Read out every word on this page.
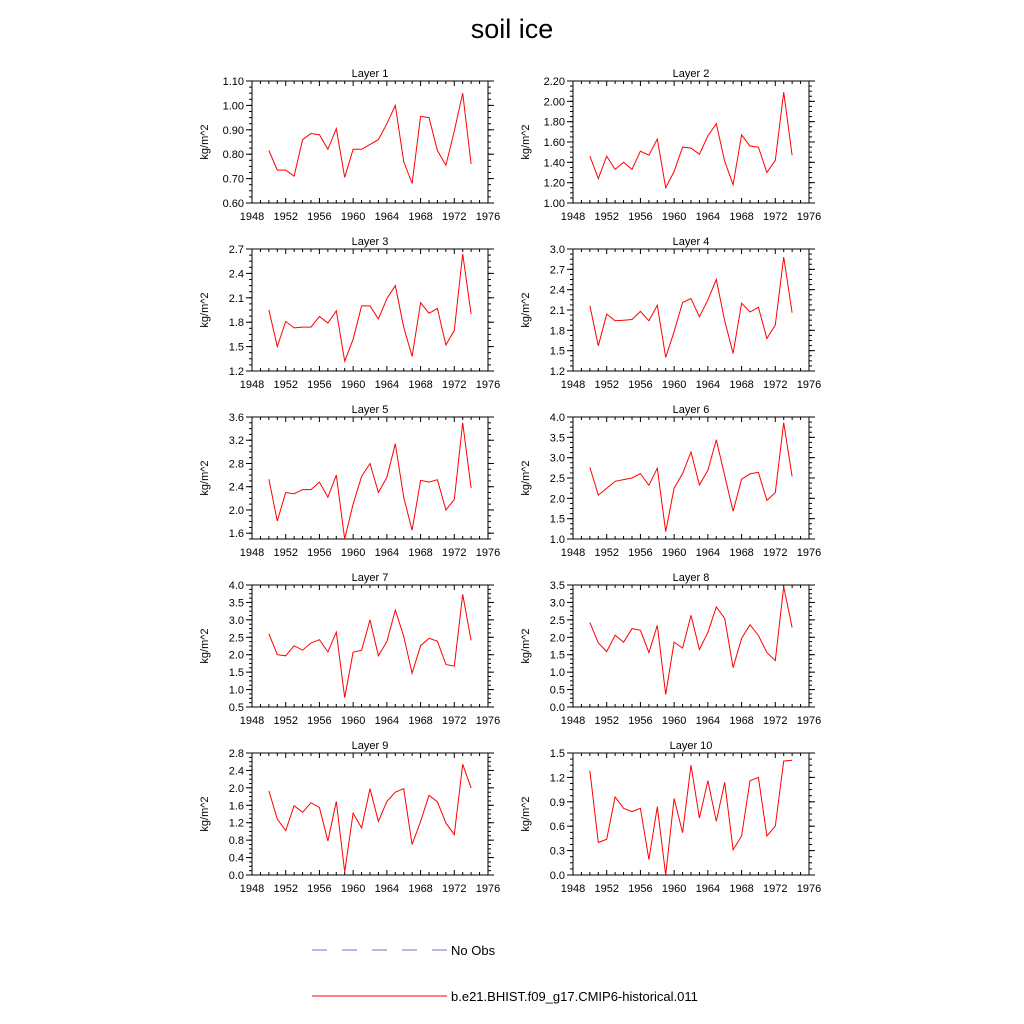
soil ice
Layer 1
kg/m^2
1948 1952 1956 1960 1964 1968 1972 1976
0.60
0.70
0.80
0.90
1.00
1.10
Layer 2
kg/m^2
1948 1952 1956 1960 1964 1968 1972 1976
1.00
1.20
1.40
1.60
1.80
2.00
2.20
Layer 3
kg/m^2
1948 1952 1956 1960 1964 1968 1972 1976
1.2
1.5
1.8
2.1
2.4
2.7
Layer 4
kg/m^2
1948 1952 1956 1960 1964 1968 1972 1976
1.2
1.5
1.8
2.1
2.4
2.7
3.0
Layer 5
kg/m^2
1948 1952 1956 1960 1964 1968 1972 1976
1.6
2.0
2.4
2.8
3.2
3.6
Layer 6
kg/m^2
1948 1952 1956 1960 1964 1968 1972 1976
1.0
1.5
2.0
2.5
3.0
3.5
4.0
Layer 7
kg/m^2
1948 1952 1956 1960 1964 1968 1972 1976
0.5
1.0
1.5
2.0
2.5
3.0
3.5
4.0
Layer 8
kg/m^2
1948 1952 1956 1960 1964 1968 1972 1976
0.0
0.5
1.0
1.5
2.0
2.5
3.0
3.5
Layer 9
kg/m^2
1948 1952 1956 1960 1964 1968 1972 1976
0.0
0.4
0.8
1.2
1.6
2.0
2.4
2.8
Layer 10
kg/m^2
1948 1952 1956 1960 1964 1968 1972 1976
0.0
0.3
0.6
0.9
1.2
1.5
No Obs
b.e21.BHIST.f09_g17.CMIP6-historical.011
